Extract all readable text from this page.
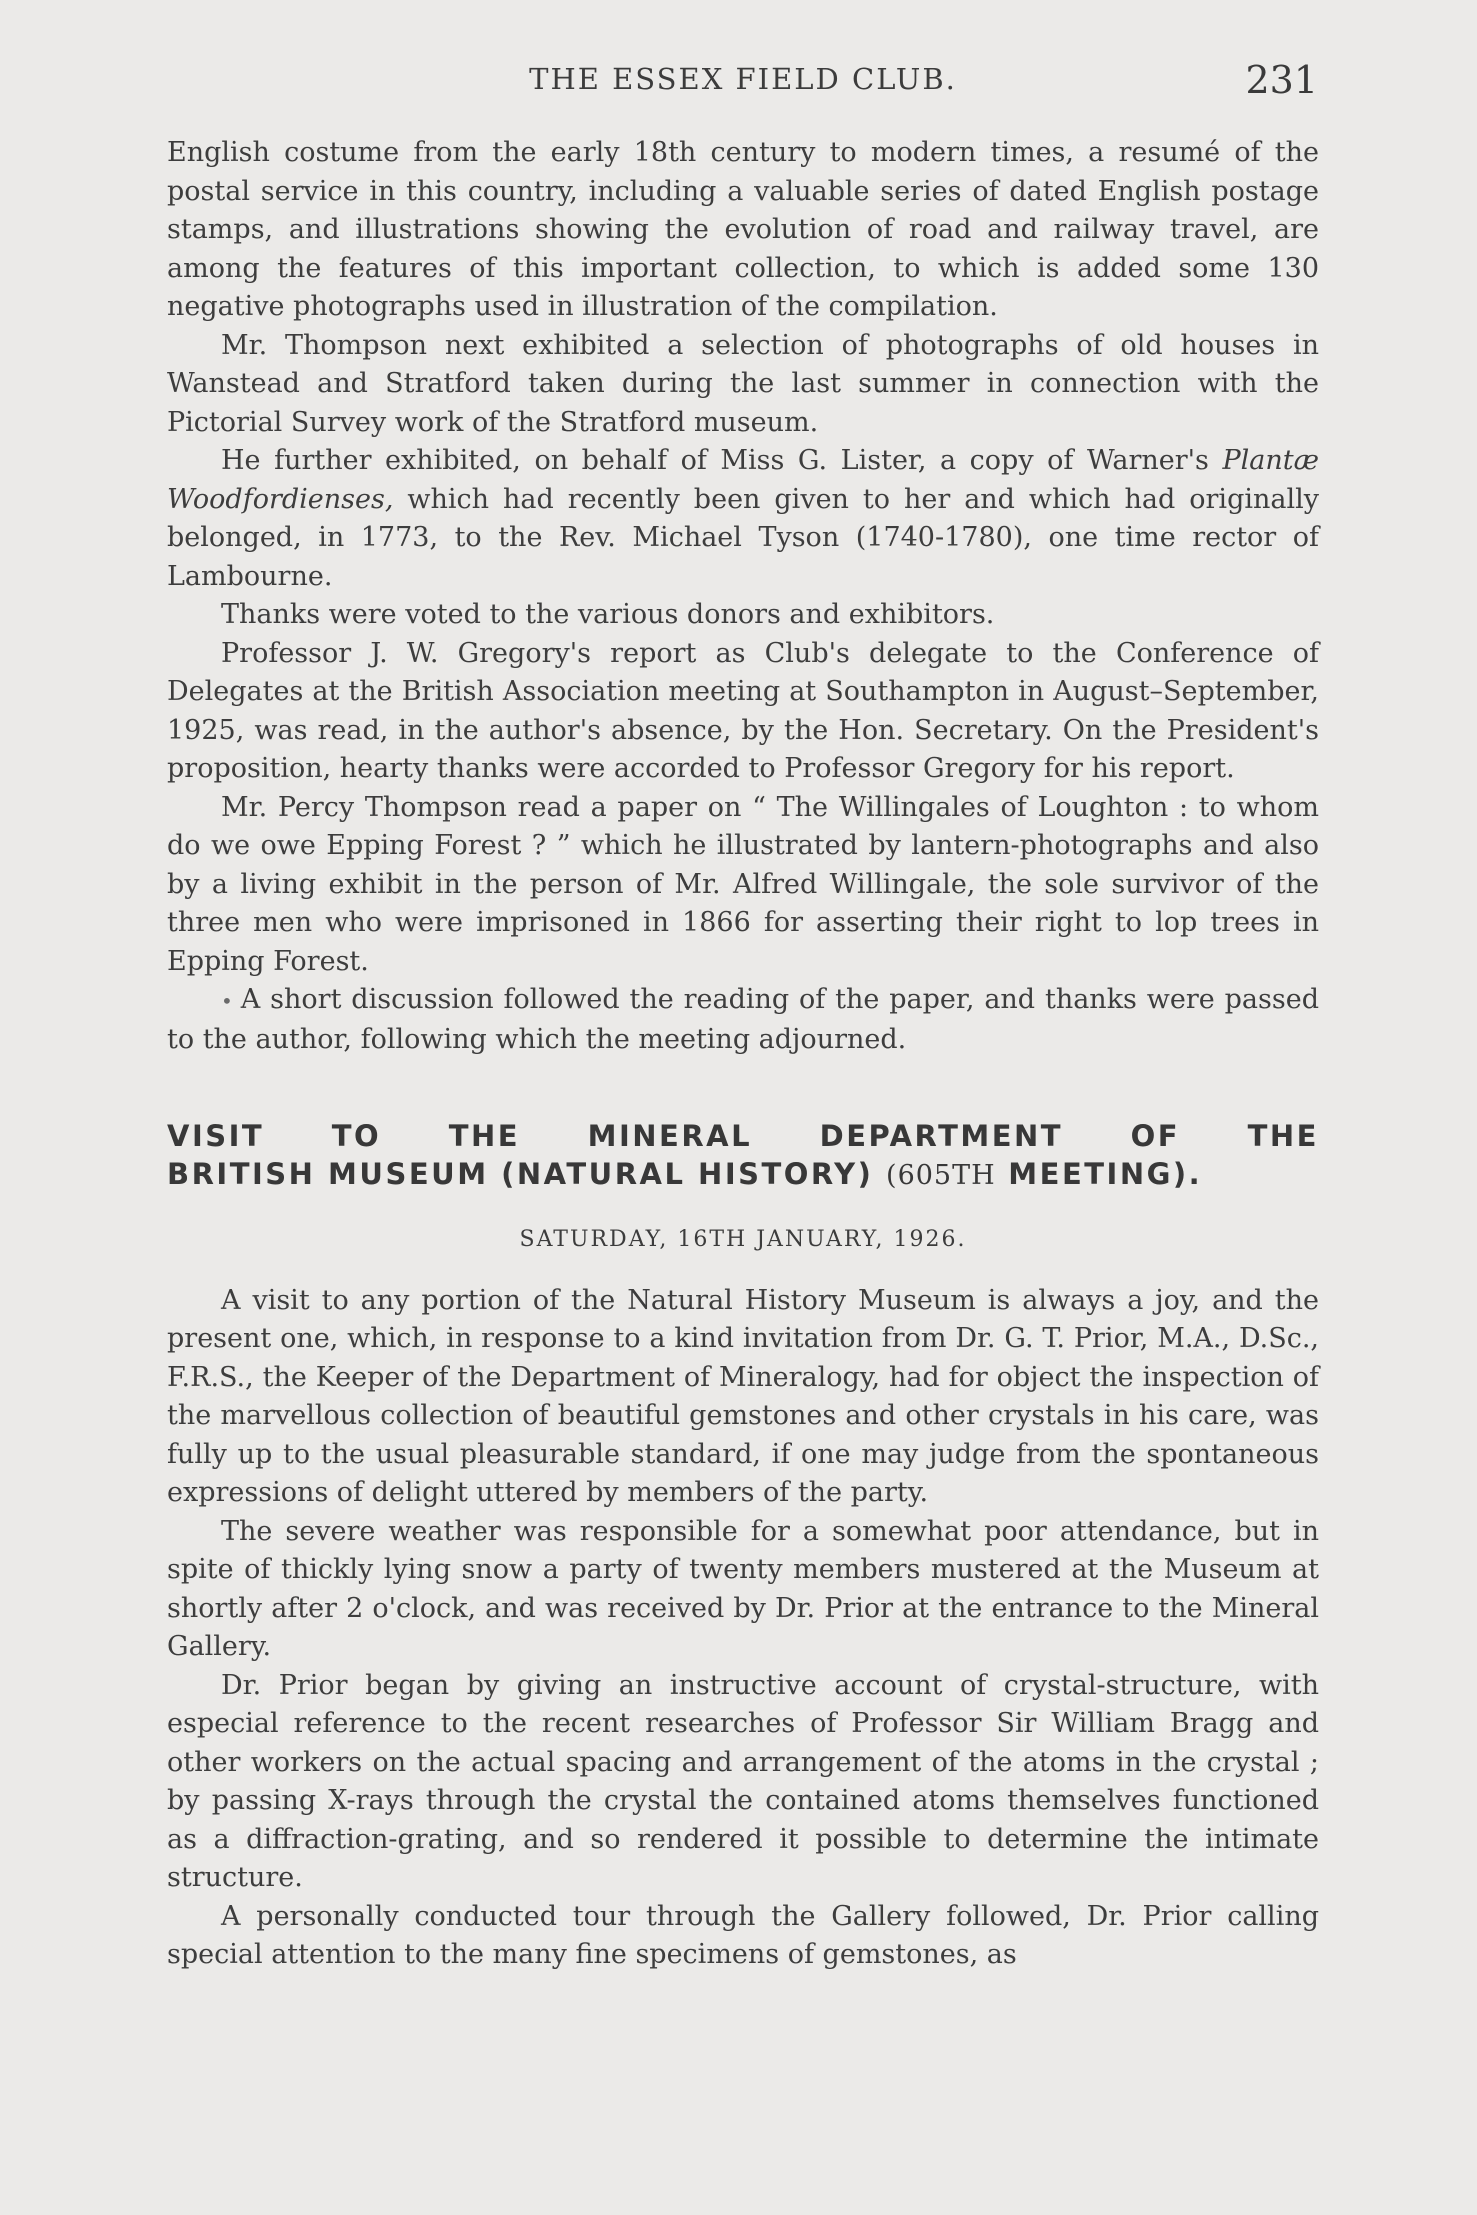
THE ESSEX FIELD CLUB.	231

English costume from the early 18th century to modern times, a resumé of the postal service in this country, including a valuable series of dated English postage stamps, and illustrations showing the evolution of road and railway travel, are among the features of this important collection, to which is added some 130 negative photographs used in illustration of the compilation.

Mr. Thompson next exhibited a selection of photographs of old houses in Wanstead and Stratford taken during the last summer in connection with the Pictorial Survey work of the Stratford museum.

He further exhibited, on behalf of Miss G. Lister, a copy of Warner's Plantæ Woodfordienses, which had recently been given to her and which had originally belonged, in 1773, to the Rev. Michael Tyson (1740-1780), one time rector of Lambourne.

Thanks were voted to the various donors and exhibitors.

Professor J. W. Gregory's report as Club's delegate to the Conference of Delegates at the British Association meeting at Southampton in August–September, 1925, was read, in the author's absence, by the Hon. Secretary. On the President's proposition, hearty thanks were accorded to Professor Gregory for his report.

Mr. Percy Thompson read a paper on “ The Willingales of Loughton : to whom do we owe Epping Forest ? ” which he illustrated by lantern-photographs and also by a living exhibit in the person of Mr. Alfred Willingale, the sole survivor of the three men who were imprisoned in 1866 for asserting their right to lop trees in Epping Forest.

• A short discussion followed the reading of the paper, and thanks were passed to the author, following which the meeting adjourned.

VISIT TO THE MINERAL DEPARTMENT OF THE
BRITISH MUSEUM (NATURAL HISTORY) (605TH MEETING).
SATURDAY, 16TH JANUARY, 1926.

A visit to any portion of the Natural History Museum is always a joy, and the present one, which, in response to a kind invitation from Dr. G. T. Prior, M.A., D.Sc., F.R.S., the Keeper of the Department of Mineralogy, had for object the inspection of the marvellous collection of beautiful gemstones and other crystals in his care, was fully up to the usual pleasurable standard, if one may judge from the spontaneous expressions of delight uttered by members of the party.

The severe weather was responsible for a somewhat poor attendance, but in spite of thickly lying snow a party of twenty members mustered at the Museum at shortly after 2 o'clock, and was received by Dr. Prior at the entrance to the Mineral Gallery.

Dr. Prior began by giving an instructive account of crystal-structure, with especial reference to the recent researches of Professor Sir William Bragg and other workers on the actual spacing and arrangement of the atoms in the crystal ; by passing X-rays through the crystal the contained atoms themselves functioned as a diffraction-grating, and so rendered it possible to determine the intimate structure.

A personally conducted tour through the Gallery followed, Dr. Prior calling special attention to the many fine specimens of gemstones, as
